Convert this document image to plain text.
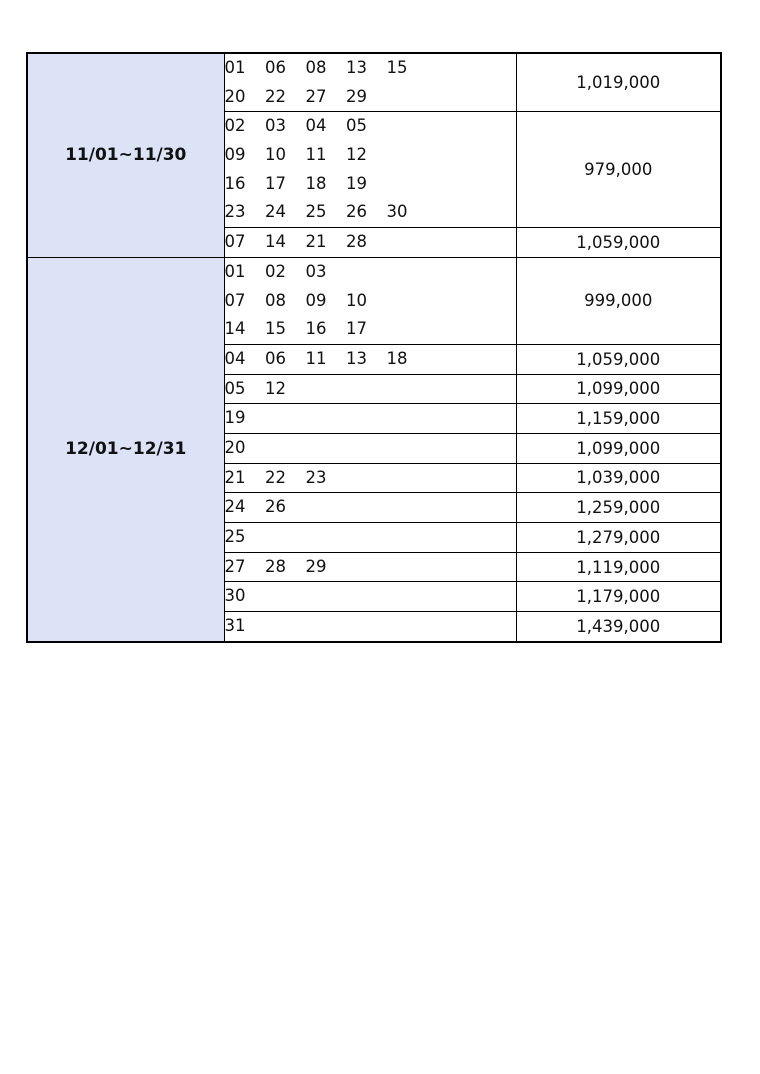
11/01~11/30	01 06 08 13 15
20 22 27 29	1,019,000

	02 03 04 05
09 10 11 12
16 17 18 19
23 24 25 26 30	979,000

	07 14 21 28	1,059,000
12/01~12/31	01 02 03
07 08 09 10
14 15 16 17	999,000

	04 06 11 13 18	1,059,000

	05 12	1,099,000

	19	1,159,000

	20	1,099,000

	21 22 23	1,039,000

	24 26	1,259,000

	25	1,279,000

	27 28 29	1,119,000

	30	1,179,000

	31	1,439,000
